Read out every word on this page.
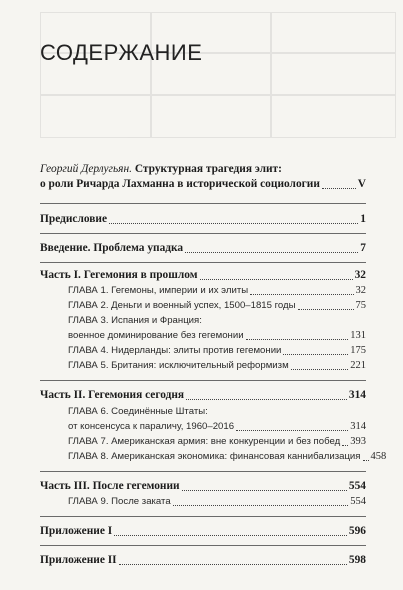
СОДЕРЖАНИЕ
Георгий Дерлугьян.
Структурная трагедия элит:
о роли Ричарда Лахманна в исторической социологии	V
Предисловие	1
Введение. Проблема упадка	7
Часть I. Гегемония в прошлом	32
ГЛАВА 1. Гегемоны, империи и их элиты	32
ГЛАВА 2. Деньги и военный успех, 1500–1815 годы	75
ГЛАВА 3. Испания и Франция:
военное доминирование без гегемонии	131
ГЛАВА 4. Нидерланды: элиты против гегемонии	175
ГЛАВА 5. Британия: исключительный реформизм	221
Часть II. Гегемония сегодня	314
ГЛАВА 6. Соединённые Штаты:
от консенсуса к параличу, 1960–2016	314
ГЛАВА 7. Американская армия: вне конкуренции и без побед 393
ГЛАВА 8. Американская экономика: финансовая каннибализация 458
Часть III. После гегемонии	554
ГЛАВА 9. После заката	554
Приложение I	596
Приложение II	598
